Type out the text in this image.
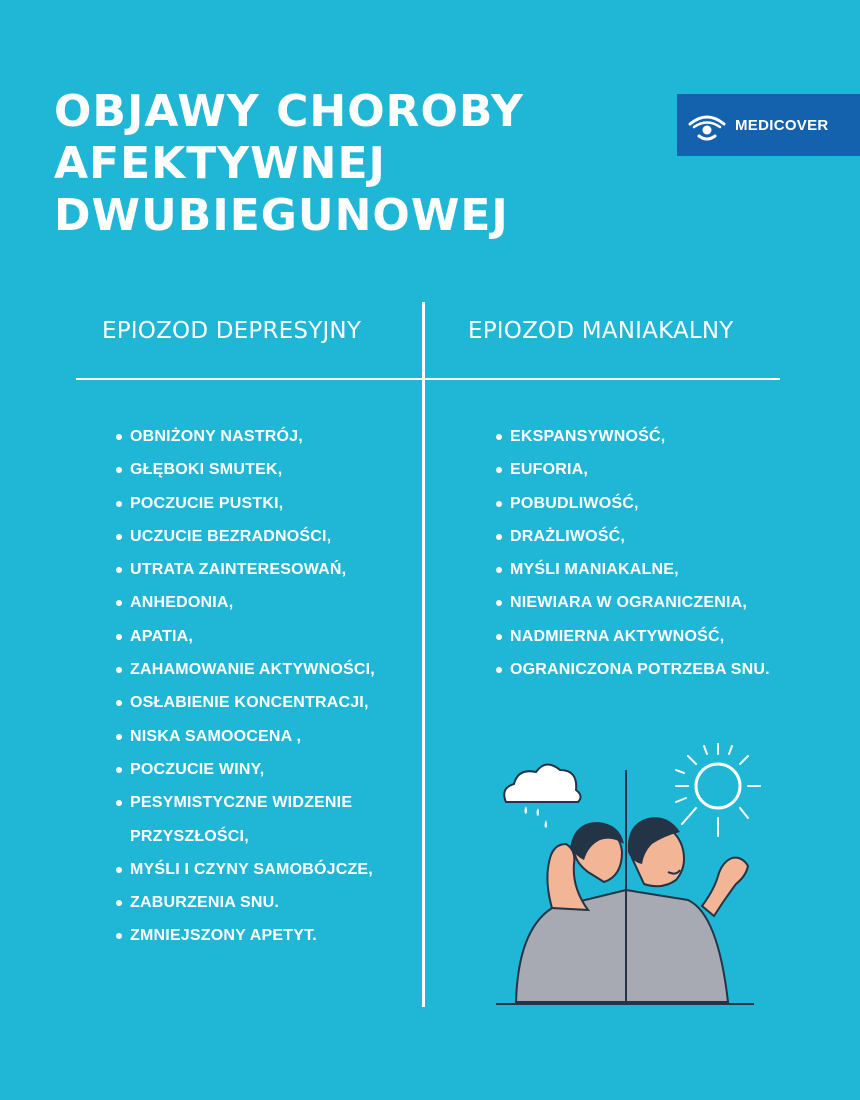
OBJAWY CHOROBY
AFEKTYWNEJ
DWUBIEGUNOWEJ
MEDICOVER
EPIOZOD DEPRESYJNY	EPIOZOD MANIAKALNY
OBNIŻONY NASTRÓJ,
GŁĘBOKI SMUTEK,
POCZUCIE PUSTKI,
UCZUCIE BEZRADNOŚCI,
UTRATA ZAINTERESOWAŃ,
ANHEDONIA,
APATIA,
ZAHAMOWANIE AKTYWNOŚCI,
OSŁABIENIE KONCENTRACJI,
NISKA SAMOOCENA ,
POCZUCIE WINY,
PESYMISTYCZNE WIDZENIE PRZYSZŁOŚCI,
MYŚLI I CZYNY SAMOBÓJCZE,
ZABURZENIA SNU.
ZMNIEJSZONY APETYT.
EKSPANSYWNOŚĆ,
EUFORIA,
POBUDLIWOŚĆ,
DRAŻLIWOŚĆ,
MYŚLI MANIAKALNE,
NIEWIARA W OGRANICZENIA,
NADMIERNA AKTYWNOŚĆ,
OGRANICZONA POTRZEBA SNU.
